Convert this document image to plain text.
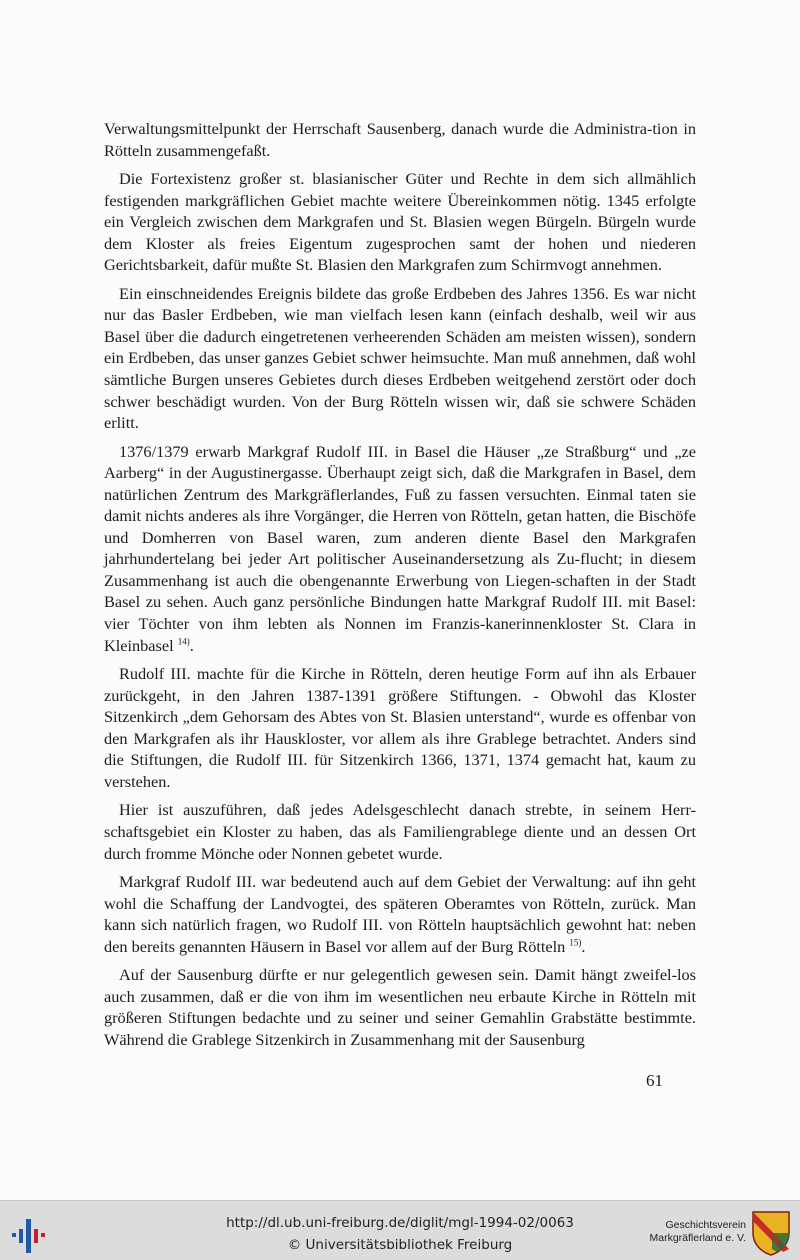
Verwaltungsmittelpunkt der Herrschaft Sausenberg, danach wurde die Administra-tion in Rötteln zusammengefaßt.

Die Fortexistenz großer st. blasianischer Güter und Rechte in dem sich allmählich festigenden markgräflichen Gebiet machte weitere Übereinkommen nötig. 1345 erfolgte ein Vergleich zwischen dem Markgrafen und St. Blasien wegen Bürgeln. Bürgeln wurde dem Kloster als freies Eigentum zugesprochen samt der hohen und niederen Gerichtsbarkeit, dafür mußte St. Blasien den Markgrafen zum Schirmvogt annehmen.

Ein einschneidendes Ereignis bildete das große Erdbeben des Jahres 1356. Es war nicht nur das Basler Erdbeben, wie man vielfach lesen kann (einfach deshalb, weil wir aus Basel über die dadurch eingetretenen verheerenden Schäden am meisten wissen), sondern ein Erdbeben, das unser ganzes Gebiet schwer heimsuchte. Man muß annehmen, daß wohl sämtliche Burgen unseres Gebietes durch dieses Erdbeben weitgehend zerstört oder doch schwer beschädigt wurden. Von der Burg Rötteln wissen wir, daß sie schwere Schäden erlitt.

1376/1379 erwarb Markgraf Rudolf III. in Basel die Häuser „ze Straßburg“ und „ze Aarberg“ in der Augustinergasse. Überhaupt zeigt sich, daß die Markgrafen in Basel, dem natürlichen Zentrum des Markgräflerlandes, Fuß zu fassen versuchten. Einmal taten sie damit nichts anderes als ihre Vorgänger, die Herren von Rötteln, getan hatten, die Bischöfe und Domherren von Basel waren, zum anderen diente Basel den Markgrafen jahrhundertelang bei jeder Art politischer Auseinandersetzung als Zu-flucht; in diesem Zusammenhang ist auch die obengenannte Erwerbung von Liegen-schaften in der Stadt Basel zu sehen. Auch ganz persönliche Bindungen hatte Markgraf Rudolf III. mit Basel: vier Töchter von ihm lebten als Nonnen im Franzis-kanerinnenkloster St. Clara in Kleinbasel $^{14)}$.

Rudolf III. machte für die Kirche in Rötteln, deren heutige Form auf ihn als Erbauer zurückgeht, in den Jahren 1387-1391 größere Stiftungen. - Obwohl das Kloster Sitzenkirch „dem Gehorsam des Abtes von St. Blasien unterstand“, wurde es offenbar von den Markgrafen als ihr Hauskloster, vor allem als ihre Grablege betrachtet. Anders sind die Stiftungen, die Rudolf III. für Sitzenkirch 1366, 1371, 1374 gemacht hat, kaum zu verstehen.

Hier ist auszuführen, daß jedes Adelsgeschlecht danach strebte, in seinem Herr-schaftsgebiet ein Kloster zu haben, das als Familiengrablege diente und an dessen Ort durch fromme Mönche oder Nonnen gebetet wurde.

Markgraf Rudolf III. war bedeutend auch auf dem Gebiet der Verwaltung: auf ihn geht wohl die Schaffung der Landvogtei, des späteren Oberamtes von Rötteln, zurück. Man kann sich natürlich fragen, wo Rudolf III. von Rötteln hauptsächlich gewohnt hat: neben den bereits genannten Häusern in Basel vor allem auf der Burg Rötteln $^{15)}$.

Auf der Sausenburg dürfte er nur gelegentlich gewesen sein. Damit hängt zweifel-los auch zusammen, daß er die von ihm im wesentlichen neu erbaute Kirche in Rötteln mit größeren Stiftungen bedachte und zu seiner und seiner Gemahlin Grabstätte bestimmte. Während die Grablege Sitzenkirch in Zusammenhang mit der Sausenburg

61
http://dl.ub.uni-freiburg.de/diglit/mgl-1994-02/0063
© Universitätsbibliothek Freiburg
Geschichtsverein
Markgräflerland e. V.
